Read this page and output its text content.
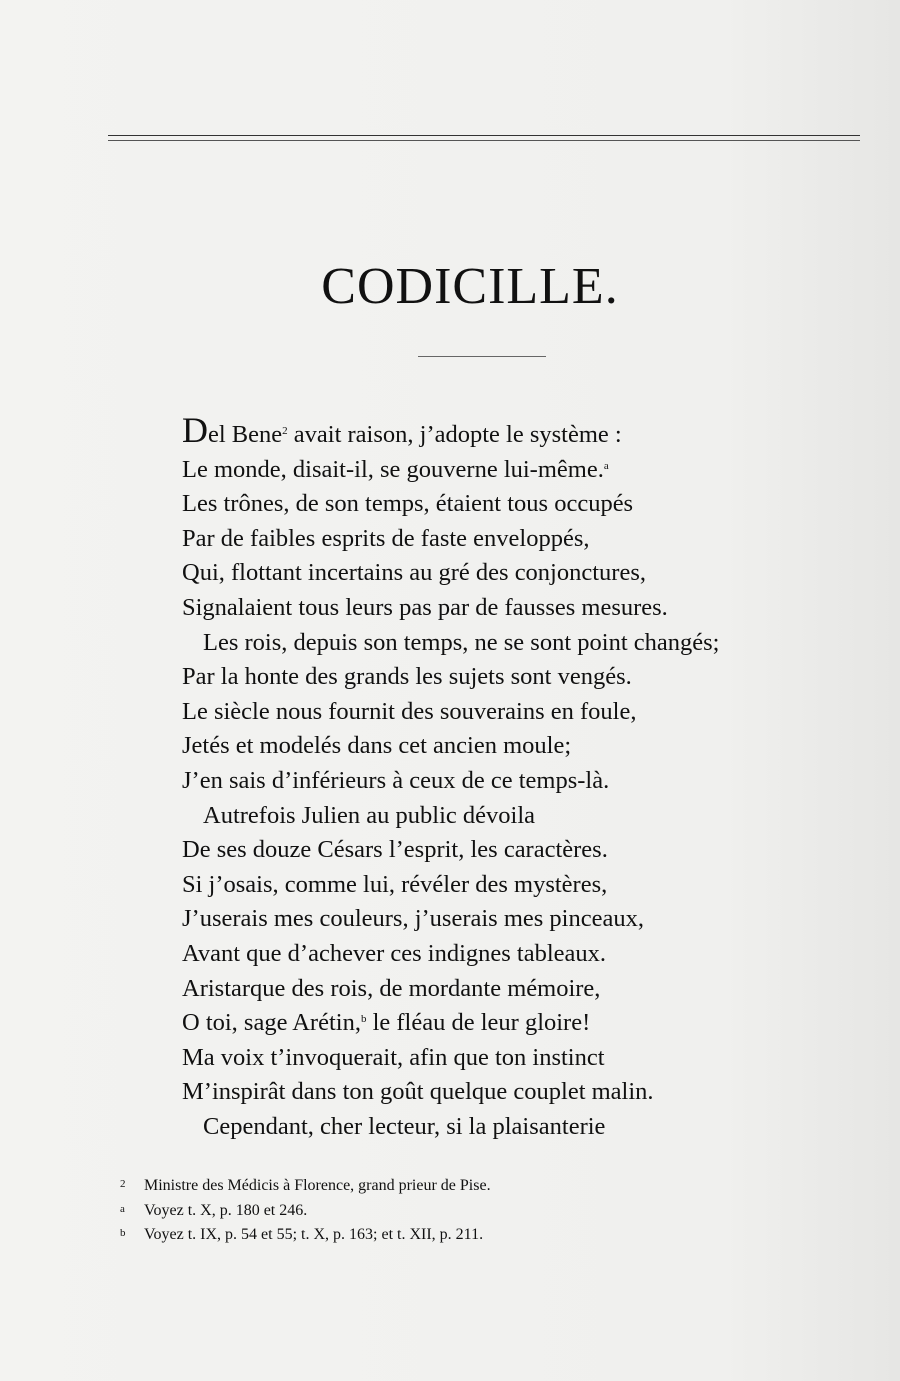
CODICILLE.
Del Bene$^2$ avait raison, j’adopte le système :
Le monde, disait-il, se gouverne lui-même.$^a$
Les trônes, de son temps, étaient tous occupés
Par de faibles esprits de faste enveloppés,
Qui, flottant incertains au gré des conjonctures,
Signalaient tous leurs pas par de fausses mesures.
Les rois, depuis son temps, ne se sont point changés;
Par la honte des grands les sujets sont vengés.
Le siècle nous fournit des souverains en foule,
Jetés et modelés dans cet ancien moule;
J’en sais d’inférieurs à ceux de ce temps-là.
Autrefois Julien au public dévoila
De ses douze Césars l’esprit, les caractères.
Si j’osais, comme lui, révéler des mystères,
J’userais mes couleurs, j’userais mes pinceaux,
Avant que d’achever ces indignes tableaux.
Aristarque des rois, de mordante mémoire,
O toi, sage Arétin,$^b$ le fléau de leur gloire!
Ma voix t’invoquerait, afin que ton instinct
M’inspirât dans ton goût quelque couplet malin.
Cependant, cher lecteur, si la plaisanterie
2 Ministre des Médicis à Florence, grand prieur de Pise.
a Voyez t. X, p. 180 et 246.
b Voyez t. IX, p. 54 et 55; t. X, p. 163; et t. XII, p. 211.
